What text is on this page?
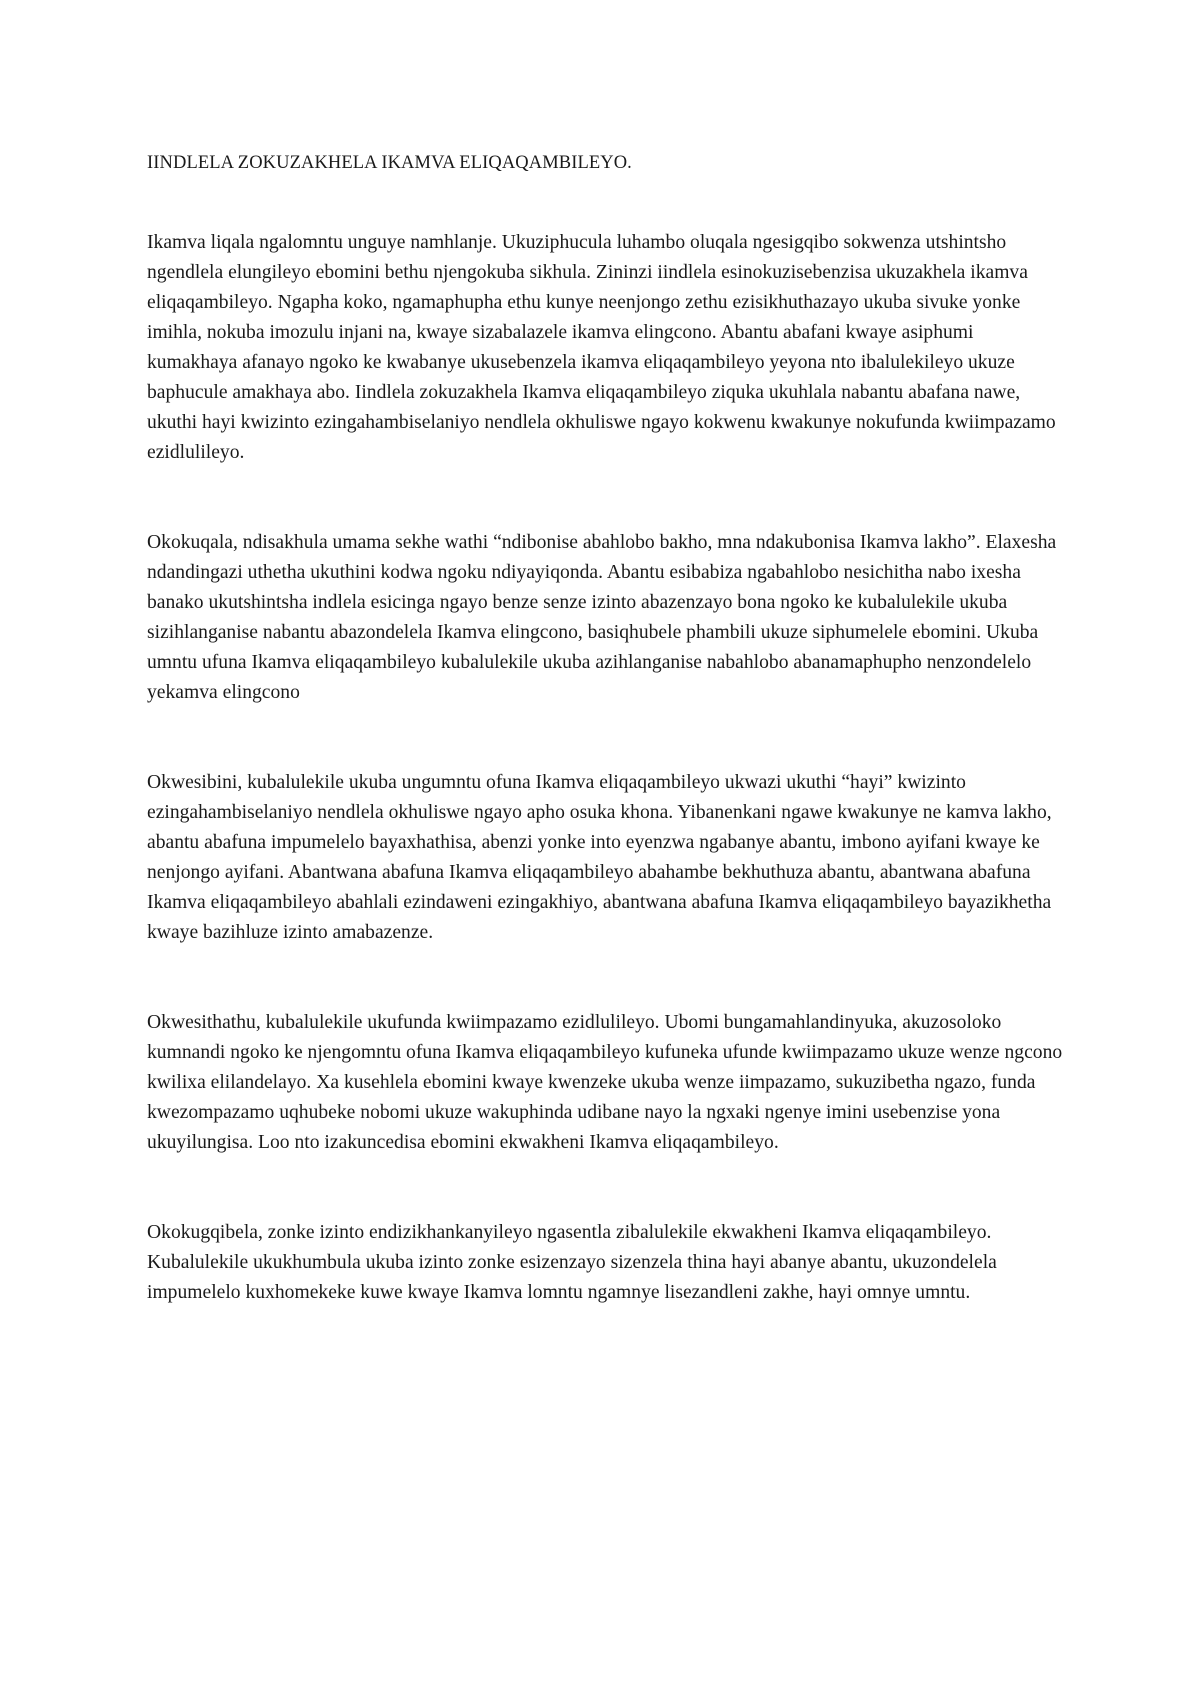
IINDLELA ZOKUZAKHELA IKAMVA ELIQAQAMBILEYO.

Ikamva liqala ngalomntu unguye namhlanje. Ukuziphucula luhambo oluqala ngesigqibo sokwenza utshintsho ngendlela elungileyo ebomini bethu njengokuba sikhula. Zininzi iindlela esinokuzisebenzisa ukuzakhela ikamva eliqaqambileyo. Ngapha koko, ngamaphupha ethu kunye neenjongo zethu ezisikhuthazayo ukuba sivuke yonke imihla, nokuba imozulu injani na, kwaye sizabalazele ikamva elingcono. Abantu abafani kwaye asiphumi kumakhaya afanayo ngoko ke kwabanye ukusebenzela ikamva eliqaqambileyo yeyona nto ibalulekileyo ukuze baphucule amakhaya abo. Iindlela zokuzakhela Ikamva eliqaqambileyo ziquka ukuhlala nabantu abafana nawe, ukuthi hayi kwizinto ezingahambiselaniyo nendlela okhuliswe ngayo kokwenu kwakunye nokufunda kwiimpazamo ezidlulileyo.

Okokuqala, ndisakhula umama sekhe wathi “ndibonise abahlobo bakho, mna ndakubonisa Ikamva lakho”. Elaxesha ndandingazi uthetha ukuthini kodwa ngoku ndiyayiqonda. Abantu esibabiza ngabahlobo nesichitha nabo ixesha banako ukutshintsha indlela esicinga ngayo benze senze izinto abazenzayo bona ngoko ke kubalulekile ukuba sizihlanganise nabantu abazondelela Ikamva elingcono, basiqhubele phambili ukuze siphumelele ebomini. Ukuba umntu ufuna Ikamva eliqaqambileyo kubalulekile ukuba azihlanganise nabahlobo abanamaphupho nenzondelelo yekamva elingcono

Okwesibini, kubalulekile ukuba ungumntu ofuna Ikamva eliqaqambileyo ukwazi ukuthi “hayi” kwizinto ezingahambiselaniyo nendlela okhuliswe ngayo apho osuka khona. Yibanenkani ngawe kwakunye ne kamva lakho, abantu abafuna impumelelo bayaxhathisa, abenzi yonke into eyenzwa ngabanye abantu, imbono ayifani kwaye ke nenjongo ayifani. Abantwana abafuna Ikamva eliqaqambileyo abahambe bekhuthuza abantu, abantwana abafuna Ikamva eliqaqambileyo abahlali ezindaweni ezingakhiyo, abantwana abafuna Ikamva eliqaqambileyo bayazikhetha kwaye bazihluze izinto amabazenze.

Okwesithathu, kubalulekile ukufunda kwiimpazamo ezidlulileyo. Ubomi bungamahlandinyuka, akuzosoloko kumnandi ngoko ke njengomntu ofuna Ikamva eliqaqambileyo kufuneka ufunde kwiimpazamo ukuze wenze ngcono kwilixa elilandelayo. Xa kusehlela ebomini kwaye kwenzeke ukuba wenze iimpazamo, sukuzibetha ngazo, funda kwezompazamo uqhubeke nobomi ukuze wakuphinda udibane nayo la ngxaki ngenye imini usebenzise yona ukuyilungisa. Loo nto izakuncedisa ebomini ekwakheni Ikamva eliqaqambileyo.

Okokugqibela, zonke izinto endizikhankanyileyo ngasentla zibalulekile ekwakheni Ikamva eliqaqambileyo. Kubalulekile ukukhumbula ukuba izinto zonke esizenzayo sizenzela thina hayi abanye abantu, ukuzondelela impumelelo kuxhomekeke kuwe kwaye Ikamva lomntu ngamnye lisezandleni zakhe, hayi omnye umntu.
